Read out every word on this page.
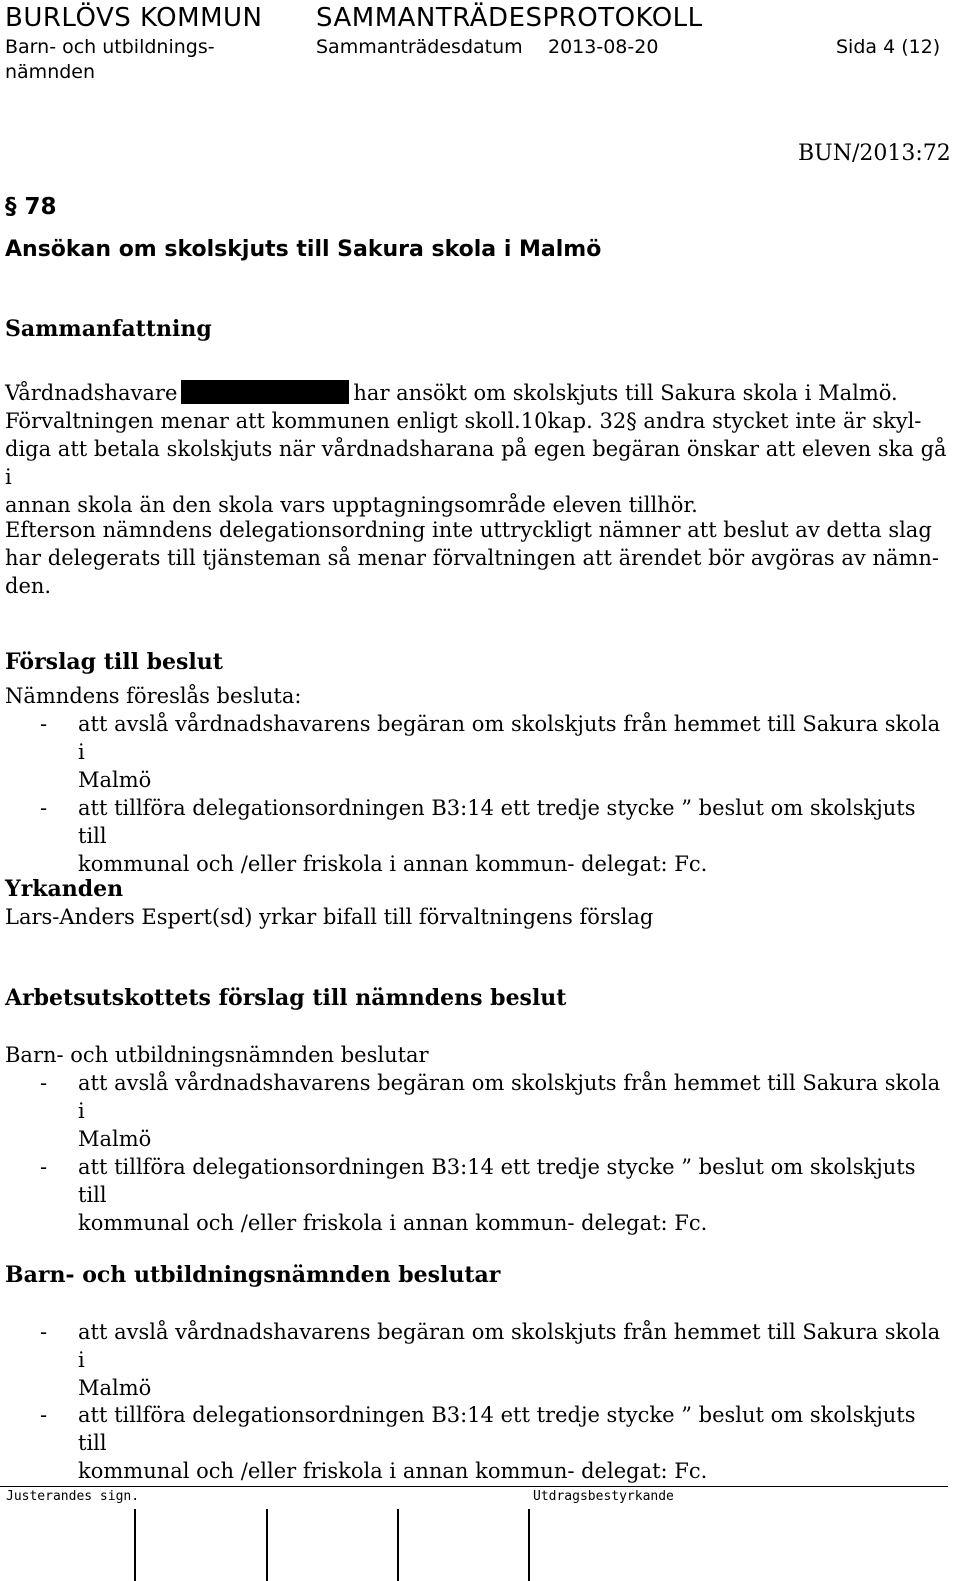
BURLÖVS KOMMUN SAMMANTRÄDESPROTOKOLL
Barn- och utbildnings-
nämnden
Sammanträdesdatum 2013-08-20	Sida 4 (12)
BUN/2013:72
§ 78
Ansökan om skolskjuts till Sakura skola i Malmö
Sammanfattning
Vårdnadshavare	har ansökt om skolskjuts till Sakura skola i Malmö.
Förvaltningen menar att kommunen enligt skoll.10kap. 32§ andra stycket inte är skyl-
diga att betala skolskjuts när vårdnadsharana på egen begäran önskar att eleven ska gå i
annan skola än den skola vars upptagningsområde eleven tillhör.
Efterson nämndens delegationsordning inte uttryckligt nämner att beslut av detta slag
har delegerats till tjänsteman så menar förvaltningen att ärendet bör avgöras av nämn-
den.
Förslag till beslut
Nämndens föreslås besluta:
- att avslå vårdnadshavarens begäran om skolskjuts från hemmet till Sakura skola i
Malmö
- att tillföra delegationsordningen B3:14 ett tredje stycke ” beslut om skolskjuts till
kommunal och /eller friskola i annan kommun- delegat: Fc.
Yrkanden
Lars-Anders Espert(sd) yrkar bifall till förvaltningens förslag
Arbetsutskottets förslag till nämndens beslut
Barn- och utbildningsnämnden beslutar
- att avslå vårdnadshavarens begäran om skolskjuts från hemmet till Sakura skola i
Malmö
- att tillföra delegationsordningen B3:14 ett tredje stycke ” beslut om skolskjuts till
kommunal och /eller friskola i annan kommun- delegat: Fc.
Barn- och utbildningsnämnden beslutar
- att avslå vårdnadshavarens begäran om skolskjuts från hemmet till Sakura skola i
Malmö
- att tillföra delegationsordningen B3:14 ett tredje stycke ” beslut om skolskjuts till
kommunal och /eller friskola i annan kommun- delegat: Fc.
Justerandes sign.	Utdragsbestyrkande
